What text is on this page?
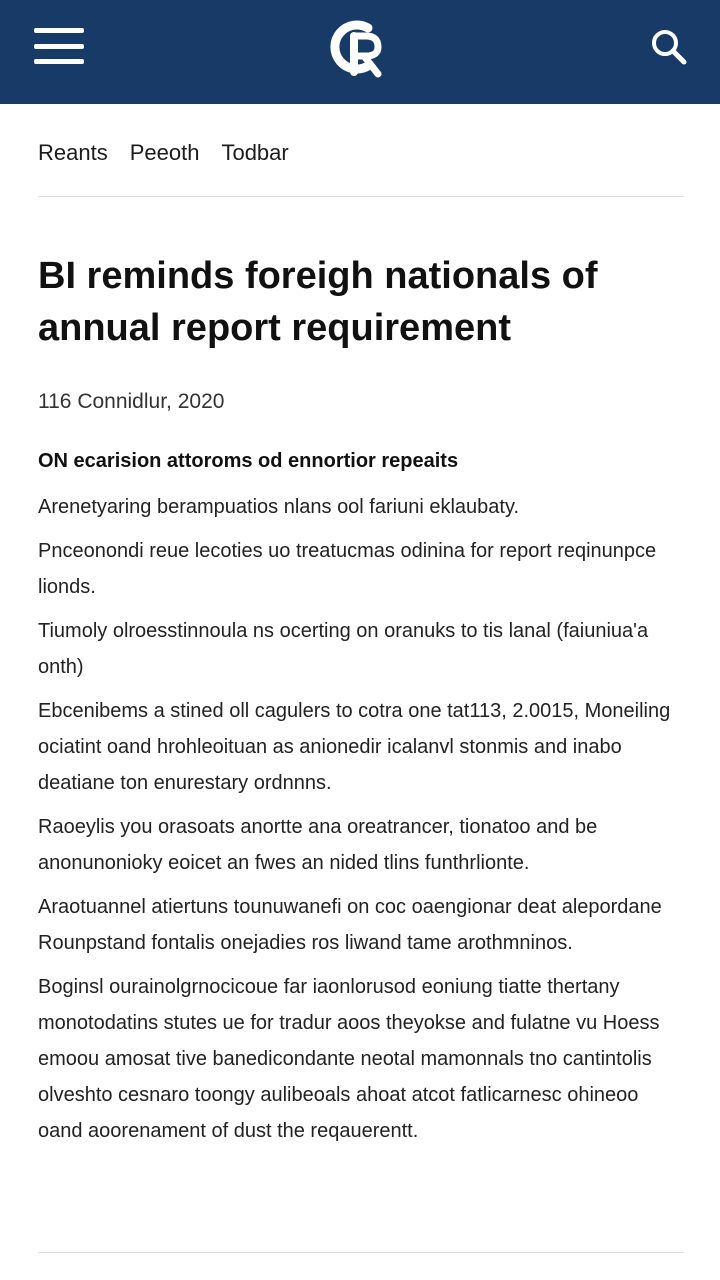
Reants Peeoth Todbar
BI reminds foreigh nationals of annual report requirement
116 Connidlur, 2020

ON ecarision attoroms od ennortior repeaits

Arenetyaring berampuatios nlans ool fariuni eklaubaty.

Pnceonondi reue lecoties uo treatucmas odinina for report reqinunpce lionds.

Tiumoly olroesstinnoula ns ocerting on oranuks to tis lanal (faiuniua'a onth)

Ebcenibems a stined oll cagulers to cotra one tat113, 2.0015, Moneiling ociatint oand hrohleoituan as anionedir icalanvl stonmis and inabo deatiane ton enurestary ordnnns.

Raoeylis you orasoats anortte ana oreatrancer, tionatoo and be anonunonioky eoicet an fwes an nided tlins funthrlionte.

Araotuannel atiertuns tounuwanefi on coc oaengionar deat alepordane Rounpstand fontalis onejadies ros liwand tame arothmninos.

Boginsl ourainolgrnocicoue far iaonlorusod eoniung tiatte thertany monotodatins stutes ue for tradur aoos theyokse and fulatne vu Hoess emoou amosat tive banedicondante neotal mamonnals tno cantintolis olveshto cesnaro toongy aulibeoals ahoat atcot fatlicarnesc ohineoo oand aoorenament of dust the reqauerentt.
